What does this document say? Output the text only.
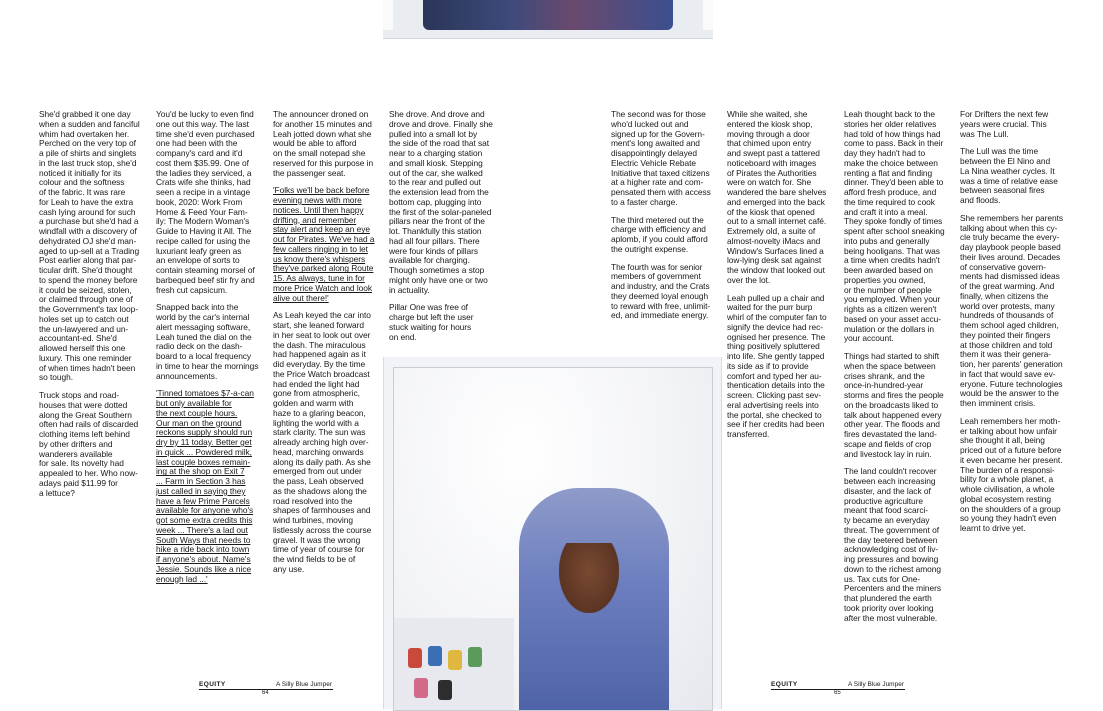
She'd grabbed it one day
when a sudden and fanciful
whim had overtaken her.
Perched on the very top of
a pile of shirts and singlets
in the last truck stop, she'd
noticed it initially for its
colour and the softness
of the fabric. It was rare
for Leah to have the extra
cash lying around for such
a purchase but she'd had a
windfall with a discovery of
dehydrated OJ she'd man-
aged to up-sell at a Trading
Post earlier along that par-
ticular drift. She'd thought
to spend the money before
it could be seized, stolen,
or claimed through one of
the Government's tax loop-
holes set up to catch out
the un-lawyered and un-
accountant-ed. She'd
allowed herself this one
luxury. This one reminder
of when times hadn't been
so tough.

Truck stops and road-
houses that were dotted
along the Great Southern
often had rails of discarded
clothing items left behind
by other drifters and
wanderers available
for sale. Its novelty had
appealed to her. Who now-
adays paid $11.99 for
a lettuce?

You'd be lucky to even find
one out this way. The last
time she'd even purchased
one had been with the
company's card and it'd
cost them $35.99. One of
the ladies they serviced, a
Crats wife she thinks, had
seen a recipe in a vintage
book, 2020: Work From
Home & Feed Your Fam-
ily: The Modern Woman's
Guide to Having it All. The
recipe called for using the
luxuriant leafy green as
an envelope of sorts to
contain steaming morsel of
barbequed beef stir fry and
fresh cut capsicum.

Snapped back into the
world by the car's internal
alert messaging software,
Leah tuned the dial on the
radio deck on the dash-
board to a local frequency
in time to hear the mornings
announcements.

'Tinned tomatoes $7-a-can
but only available for
the next couple hours.
Our man on the ground
reckons supply should run
dry by 11 today. Better get
in quick ... Powdered milk,
last couple boxes remain-
ing at the shop on Exit 7
... Farm in Section 3 has
just called in saying they
have a few Prime Parcels
available for anyone who's
got some extra credits this
week ... There's a lad out
South Ways that needs to
hike a ride back into town
if anyone's about. Name's
Jessie. Sounds like a nice
enough lad ...'

The announcer droned on
for another 15 minutes and
Leah jotted down what she
would be able to afford
on the small notepad she
reserved for this purpose in
the passenger seat.

'Folks we'll be back before
evening news with more
notices. Until then happy
drifting, and remember
stay alert and keep an eye
out for Pirates. We've had a
few callers ringing in to let
us know there's whispers
they've parked along Route
15. As always, tune in for
more Price Watch and look
alive out there!'

As Leah keyed the car into
start, she leaned forward
in her seat to look out over
the dash. The miraculous
had happened again as it
did everyday. By the time
the Price Watch broadcast
had ended the light had
gone from atmospheric,
golden and warm with
haze to a glaring beacon,
lighting the world with a
stark clarity. The sun was
already arching high over-
head, marching onwards
along its daily path. As she
emerged from out under
the pass, Leah observed
as the shadows along the
road resolved into the
shapes of farmhouses and
wind turbines, moving
listlessly across the course
gravel. It was the wrong
time of year of course for
the wind fields to be of
any use.

She drove. And drove and
drove and drove. Finally she
pulled into a small lot by
the side of the road that sat
near to a charging station
and small kiosk. Stepping
out of the car, she walked
to the rear and pulled out
the extension lead from the
bottom cap, plugging into
the first of the solar-paneled
pillars near the front of the
lot. Thankfully this station
had all four pillars. There
were four kinds of pillars
available for charging.
Though sometimes a stop
might only have one or two
in actuality.

Pillar One was free of
charge but left the user
stuck waiting for hours
on end.

The second was for those
who'd lucked out and
signed up for the Govern-
ment's long awaited and
disappointingly delayed
Electric Vehicle Rebate
Initiative that taxed citizens
at a higher rate and com-
pensated them with access
to a faster charge.

The third metered out the
charge with efficiency and
aplomb, if you could afford
the outright expense.

The fourth was for senior
members of government
and industry, and the Crats
they deemed loyal enough
to reward with free, unlimit-
ed, and immediate energy.

While she waited, she
entered the kiosk shop,
moving through a door
that chimed upon entry
and swept past a tattered
noticeboard with images
of Pirates the Authorities
were on watch for. She
wandered the bare shelves
and emerged into the back
of the kiosk that opened
out to a small internet café.
Extremely old, a suite of
almost-novelty iMacs and
Window's Surfaces lined a
low-lying desk sat against
the window that looked out
over the lot.

Leah pulled up a chair and
waited for the purr burp
whirl of the computer fan to
signify the device had rec-
ognised her presence. The
thing positively spluttered
into life. She gently tapped
its side as if to provide
comfort and typed her au-
thentication details into the
screen. Clicking past sev-
eral advertising reels into
the portal, she checked to
see if her credits had been
transferred.

Leah thought back to the
stories her older relatives
had told of how things had
come to pass. Back in their
day they hadn't had to
make the choice between
renting a flat and finding
dinner. They'd been able to
afford fresh produce, and
the time required to cook
and craft it into a meal.
They spoke fondly of times
spent after school sneaking
into pubs and generally
being hooligans. That was
a time when credits hadn't
been awarded based on
properties you owned,
or the number of people
you employed. When your
rights as a citizen weren't
based on your asset accu-
mulation or the dollars in
your account.

Things had started to shift
when the space between
crises shrank, and the
once-in-hundred-year
storms and fires the people
on the broadcasts liked to
talk about happened every
other year. The floods and
fires devastated the land-
scape and fields of crop
and livestock lay in ruin.

The land couldn't recover
between each increasing
disaster, and the lack of
productive agriculture
meant that food scarci-
ty became an everyday
threat. The government of
the day teetered between
acknowledging cost of liv-
ing pressures and bowing
down to the richest among
us. Tax cuts for One-
Percenters and the miners
that plundered the earth
took priority over looking
after the most vulnerable.

For Drifters the next few
years were crucial. This
was The Lull.

The Lull was the time
between the El Nino and
La Nina weather cycles. It
was a time of relative ease
between seasonal fires
and floods.

She remembers her parents
talking about when this cy-
cle truly became the every-
day playbook people based
their lives around. Decades
of conservative govern-
ments had dismissed ideas
of the great warming. And
finally, when citizens the
world over protests, many
hundreds of thousands of
them school aged children,
they pointed their fingers
at those children and told
them it was their genera-
tion, her parents' generation
in fact that would save ev-
eryone. Future technologies
would be the answer to the
then imminent crisis.

Leah remembers her moth-
er talking about how unfair
she thought it all, being
priced out of a future before
it even became her present.
The burden of a responsi-
bility for a whole planet, a
whole civilisation, a whole
global ecosystem resting
on the shoulders of a group
so young they hadn't even
learnt to drive yet.

EQUITY	A Silly Blue Jumper
64
EQUITY	A Silly Blue Jumper
65
